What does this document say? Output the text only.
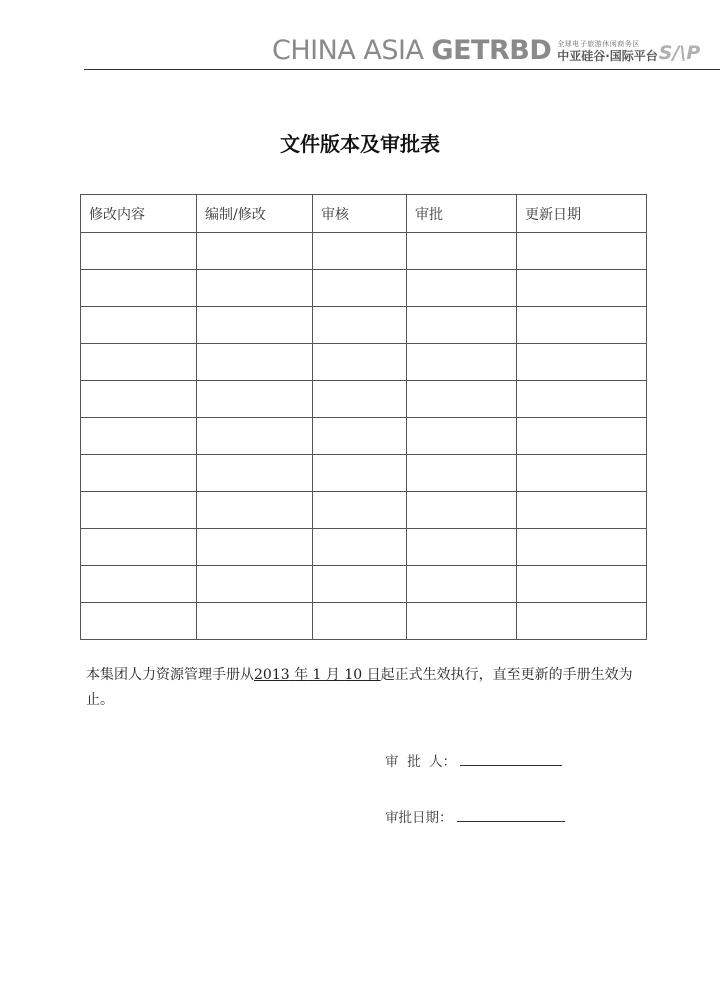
CHINA ASIA GETRBD 全球电子旅游休闲商务区
中亚硅谷·国际平台 S/\P
文件版本及审批表
修改内容	编制/修改	审核	审批	更新日期

本集团人力资源管理手册从2013 年 1 月 10 日起正式生效执行，直至更新的手册生效为止。
审  批  人：
审批日期：
